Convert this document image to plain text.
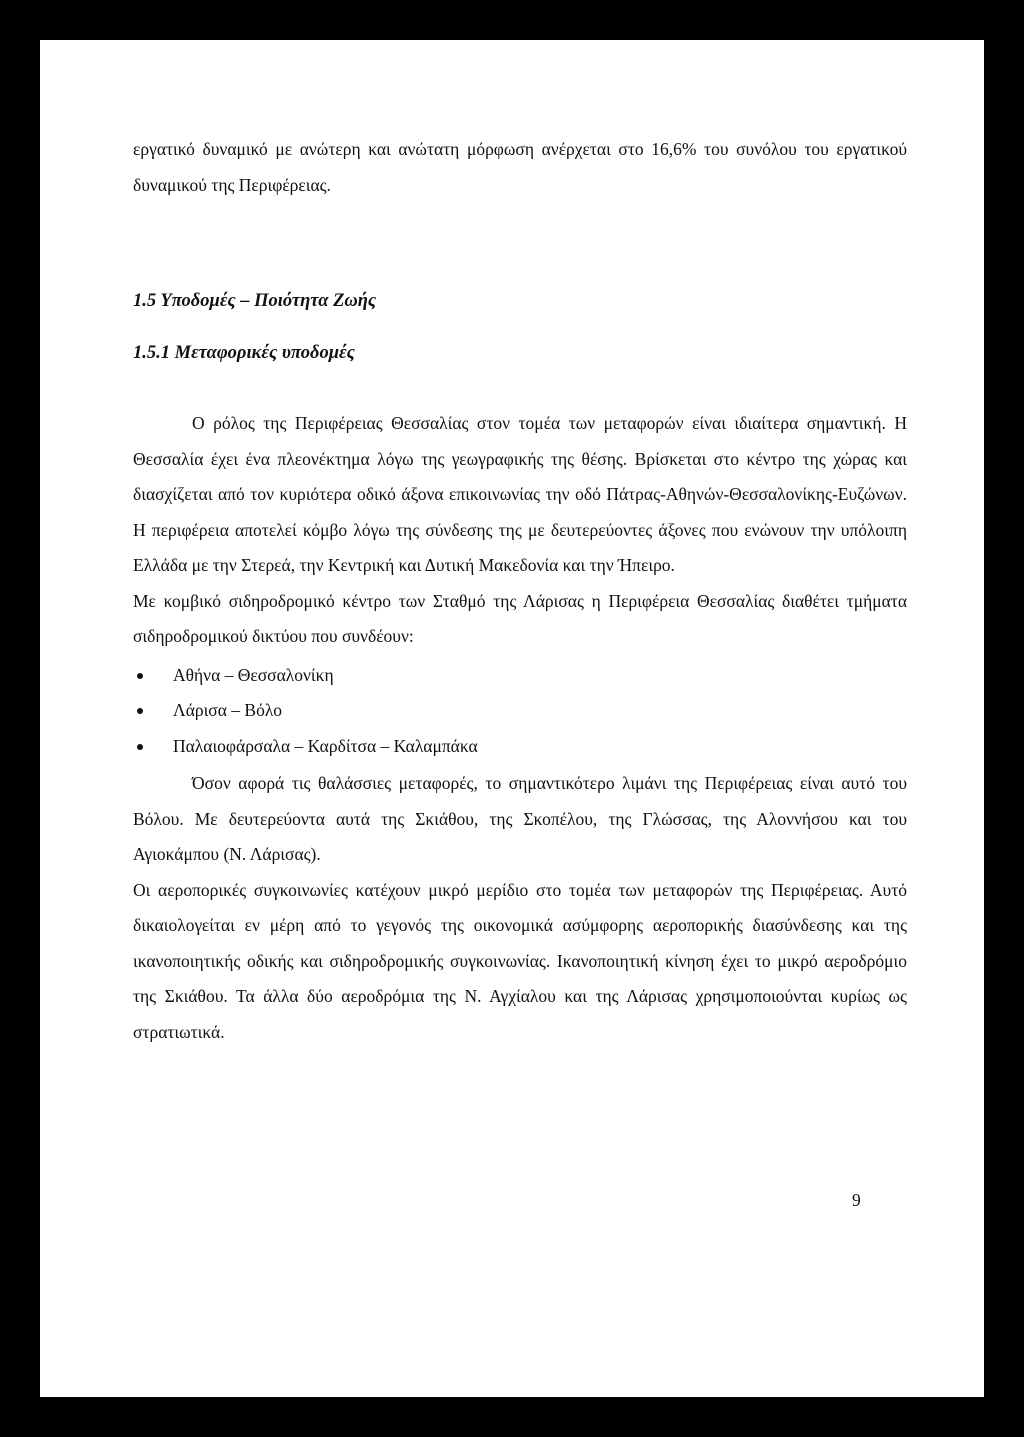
εργατικό δυναμικό με ανώτερη και ανώτατη μόρφωση ανέρχεται στο 16,6% του συνόλου του εργατικού δυναμικού της Περιφέρειας.

1.5 Υποδομές – Ποιότητα Ζωής

1.5.1 Μεταφορικές υποδομές

Ο ρόλος της Περιφέρειας Θεσσαλίας στον τομέα των μεταφορών είναι ιδιαίτερα σημαντική. Η Θεσσαλία έχει ένα πλεονέκτημα λόγω της γεωγραφικής της θέσης. Βρίσκεται στο κέντρο της χώρας και διασχίζεται από τον κυριότερα οδικό άξονα επικοινωνίας την οδό Πάτρας-Αθηνών-Θεσσαλονίκης-Ευζώνων. Η περιφέρεια αποτελεί κόμβο λόγω της σύνδεσης της με δευτερεύοντες άξονες που ενώνουν την υπόλοιπη Ελλάδα με την Στερεά, την Κεντρική και Δυτική Μακεδονία και την Ήπειρο.

Με κομβικό σιδηροδρομικό κέντρο των Σταθμό της Λάρισας η Περιφέρεια Θεσσαλίας διαθέτει τμήματα σιδηροδρομικού δικτύου που συνδέουν:

Αθήνα – Θεσσαλονίκη
Λάρισα – Βόλο
Παλαιοφάρσαλα – Καρδίτσα – Καλαμπάκα

Όσον αφορά τις θαλάσσιες μεταφορές, το σημαντικότερο λιμάνι της Περιφέρειας είναι αυτό του Βόλου. Με δευτερεύοντα αυτά της Σκιάθου, της Σκοπέλου, της Γλώσσας, της Αλοννήσου και του Αγιοκάμπου (Ν. Λάρισας).

Οι αεροπορικές συγκοινωνίες κατέχουν μικρό μερίδιο στο τομέα των μεταφορών της Περιφέρειας. Αυτό δικαιολογείται εν μέρη από το γεγονός της οικονομικά ασύμφορης αεροπορικής διασύνδεσης και της ικανοποιητικής οδικής και σιδηροδρομικής συγκοινωνίας. Ικανοποιητική κίνηση έχει το μικρό αεροδρόμιο της Σκιάθου. Τα άλλα δύο αεροδρόμια της Ν. Αγχίαλου και της Λάρισας χρησιμοποιούνται κυρίως ως στρατιωτικά.

9
